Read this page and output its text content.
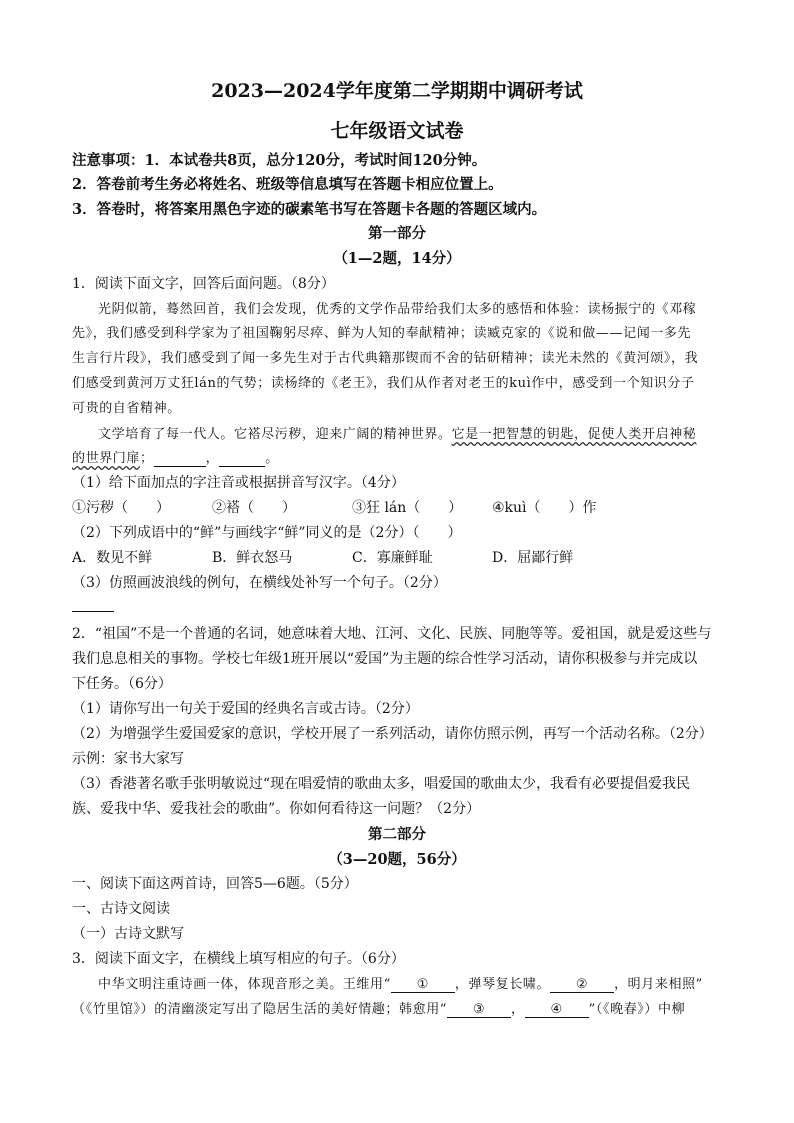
2023—2024学年度第二学期期中调研考试
七年级语文试卷
注意事项：1．本试卷共8页，总分120分，考试时间120分钟。
2．答卷前考生务必将姓名、班级等信息填写在答题卡相应位置上。
3．答卷时，将答案用黑色字迹的碳素笔书写在答题卡各题的答题区域内。
第一部分
（1—2题，14分）
1．阅读下面文字，回答后面问题。（8分）
光阴似箭，蓦然回首，我们会发现，优秀的文学作品带给我们太多的感悟和体验：读杨振宁的《邓稼
先》，我们感受到科学家为了祖国鞠躬尽瘁、鲜为人知的奉献精神；读臧克家的《说和做——记闻一多先
生言行片段》，我们感受到了闻一多先生对于古代典籍那锲而不舍的钻研精神；读光未然的《黄河颂》，我
们感受到黄河万丈狂lán的气势；读杨绛的《老王》，我们从作者对老王的kuì作中，感受到一个知识分子
可贵的自省精神。
文学培育了每一代人。它褡尽污秽，迎来广阔的精神世界。它是一把智慧的钥匙，促使人类开启神秘
的世界门扉；	，	。
（1）给下面加点的字注音或根据拼音写汉字。（4分）
①污秽（　　）	②褡（　　）	③狂 lán（　　） ④kuì（　　）作
（2）下列成语中的“鲜”与画线字“鲜”同义的是（2分）（　　）
A．数见不鲜	B．鲜衣怒马	C．寡廉鲜耻	D．屈鄙行鲜
（3）仿照画波浪线的例句，在横线处补写一个句子。（2分）
2．“祖国”不是一个普通的名词，她意味着大地、江河、文化、民族、同胞等等。爱祖国，就是爱这些与
我们息息相关的事物。学校七年级1班开展以“爱国”为主题的综合性学习活动，请你积极参与并完成以
下任务。（6分）
（1）请你写出一句关于爱国的经典名言或古诗。（2分）
（2）为增强学生爱国爱家的意识，学校开展了一系列活动，请你仿照示例，再写一个活动名称。（2分）
示例：家书大家写
（3）香港著名歌手张明敏说过“现在唱爱情的歌曲太多，唱爱国的歌曲太少，我看有必要提倡爱我民
族、爱我中华、爱我社会的歌曲”。你如何看待这一问题？（2分）
第二部分
（3—20题，56分）
一、阅读下面这两首诗，回答5—6题。（5分）
一、古诗文阅读
（一）古诗文默写
3．阅读下面文字，在横线上填写相应的句子。（6分）
中华文明注重诗画一体，体现音形之美。王维用“ ① ，弹琴复长啸。 ② ，明月来相照”
（《竹里馆》）的清幽淡定写出了隐居生活的美好情趣；韩愈用“ ③ ， ④ ”（《晚春》）中柳
